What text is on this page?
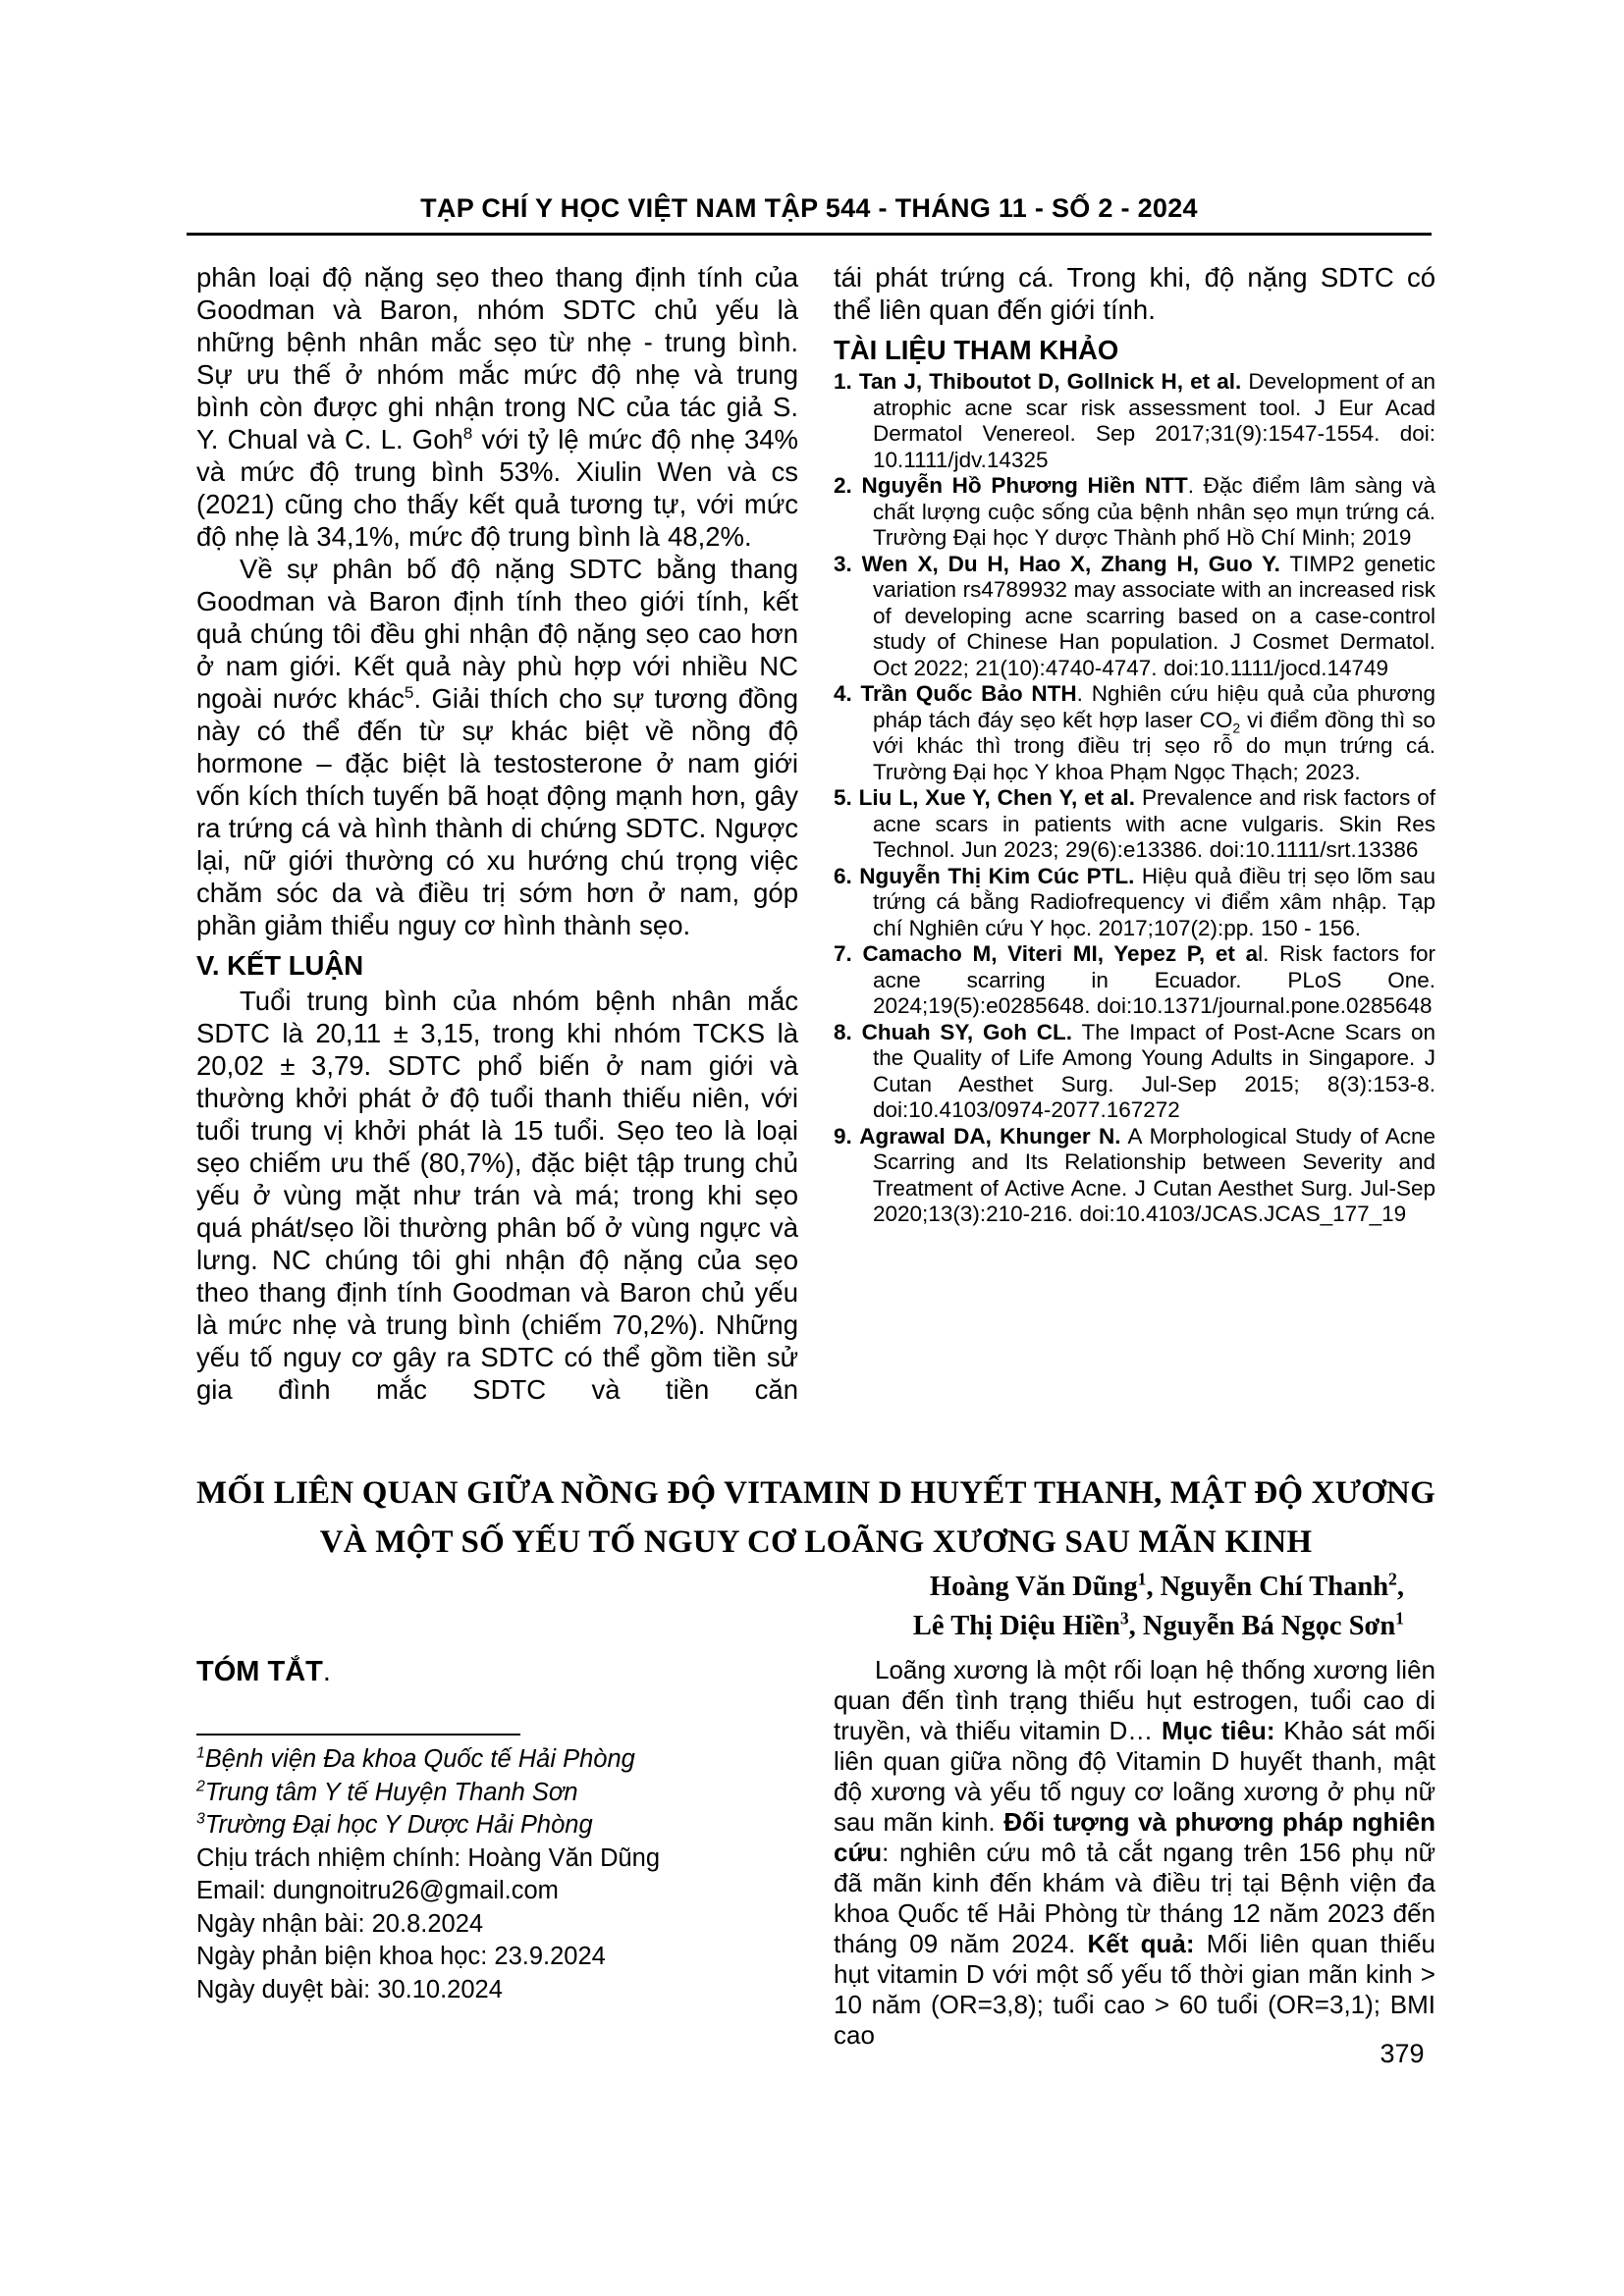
TẠP CHÍ Y HỌC VIỆT NAM TẬP 544 - THÁNG 11 - SỐ 2 - 2024

phân loại độ nặng sẹo theo thang định tính của Goodman và Baron, nhóm SDTC chủ yếu là những bệnh nhân mắc sẹo từ nhẹ - trung bình. Sự ưu thế ở nhóm mắc mức độ nhẹ và trung bình còn được ghi nhận trong NC của tác giả S. Y. Chual và C. L. Goh$^8$ với tỷ lệ mức độ nhẹ 34% và mức độ trung bình 53%. Xiulin Wen và cs (2021) cũng cho thấy kết quả tương tự, với mức độ nhẹ là 34,1%, mức độ trung bình là 48,2%.

Về sự phân bố độ nặng SDTC bằng thang Goodman và Baron định tính theo giới tính, kết quả chúng tôi đều ghi nhận độ nặng sẹo cao hơn ở nam giới. Kết quả này phù hợp với nhiều NC ngoài nước khác$^5$. Giải thích cho sự tương đồng này có thể đến từ sự khác biệt về nồng độ hormone – đặc biệt là testosterone ở nam giới vốn kích thích tuyến bã hoạt động mạnh hơn, gây ra trứng cá và hình thành di chứng SDTC. Ngược lại, nữ giới thường có xu hướng chú trọng việc chăm sóc da và điều trị sớm hơn ở nam, góp phần giảm thiểu nguy cơ hình thành sẹo.

V. KẾT LUẬN

Tuổi trung bình của nhóm bệnh nhân mắc SDTC là 20,11 ± 3,15, trong khi nhóm TCKS là 20,02 ± 3,79. SDTC phổ biến ở nam giới và thường khởi phát ở độ tuổi thanh thiếu niên, với tuổi trung vị khởi phát là 15 tuổi. Sẹo teo là loại sẹo chiếm ưu thế (80,7%), đặc biệt tập trung chủ yếu ở vùng mặt như trán và má; trong khi sẹo quá phát/sẹo lồi thường phân bố ở vùng ngực và lưng. NC chúng tôi ghi nhận độ nặng của sẹo theo thang định tính Goodman và Baron chủ yếu là mức nhẹ và trung bình (chiếm 70,2%). Những yếu tố nguy cơ gây ra SDTC có thể gồm tiền sử gia đình mắc SDTC và tiền căn

tái phát trứng cá. Trong khi, độ nặng SDTC có thể liên quan đến giới tính.

TÀI LIỆU THAM KHẢO

1. Tan J, Thiboutot D, Gollnick H, et al. Development of an atrophic acne scar risk assessment tool. J Eur Acad Dermatol Venereol. Sep 2017;31(9):1547-1554. doi: 10.1111/jdv.14325

2. Nguyễn Hồ Phương Hiền NTT. Đặc điểm lâm sàng và chất lượng cuộc sống của bệnh nhân sẹo mụn trứng cá. Trường Đại học Y dược Thành phố Hồ Chí Minh; 2019

3. Wen X, Du H, Hao X, Zhang H, Guo Y. TIMP2 genetic variation rs4789932 may associate with an increased risk of developing acne scarring based on a case-control study of Chinese Han population. J Cosmet Dermatol. Oct 2022; 21(10):4740-4747. doi:10.1111/jocd.14749

4. Trần Quốc Bảo NTH. Nghiên cứu hiệu quả của phương pháp tách đáy sẹo kết hợp laser $CO_2$ vi điểm đồng thì so với khác thì trong điều trị sẹo rỗ do mụn trứng cá. Trường Đại học Y khoa Phạm Ngọc Thạch; 2023.

5. Liu L, Xue Y, Chen Y, et al. Prevalence and risk factors of acne scars in patients with acne vulgaris. Skin Res Technol. Jun 2023; 29(6):e13386. doi:10.1111/srt.13386

6. Nguyễn Thị Kim Cúc PTL. Hiệu quả điều trị sẹo lõm sau trứng cá bằng Radiofrequency vi điểm xâm nhập. Tạp chí Nghiên cứu Y học. 2017;107(2):pp. 150 - 156.

7. Camacho M, Viteri MI, Yepez P, et al. Risk factors for acne scarring in Ecuador. PLoS One. 2024;19(5):e0285648. doi:10.1371/journal.pone.0285648

8. Chuah SY, Goh CL. The Impact of Post-Acne Scars on the Quality of Life Among Young Adults in Singapore. J Cutan Aesthet Surg. Jul-Sep 2015; 8(3):153-8. doi:10.4103/0974-2077.167272

9. Agrawal DA, Khunger N. A Morphological Study of Acne Scarring and Its Relationship between Severity and Treatment of Active Acne. J Cutan Aesthet Surg. Jul-Sep 2020;13(3):210-216. doi:10.4103/JCAS.JCAS_177_19

MỐI LIÊN QUAN GIỮA NỒNG ĐỘ VITAMIN D HUYẾT THANH, MẬT ĐỘ XƯƠNG VÀ MỘT SỐ YẾU TỐ NGUY CƠ LOÃNG XƯƠNG SAU MÃN KINH
Hoàng Văn Dũng$^1$, Nguyễn Chí Thanh$^2$,
Lê Thị Diệu Hiền$^3$, Nguyễn Bá Ngọc Sơn$^1$
TÓM TẮT.
$^1$Bệnh viện Đa khoa Quốc tế Hải Phòng
$^2$Trung tâm Y tế Huyện Thanh Sơn
$^3$Trường Đại học Y Dược Hải Phòng
Chịu trách nhiệm chính: Hoàng Văn Dũng
Email: dungnoitru26@gmail.com
Ngày nhận bài: 20.8.2024
Ngày phản biện khoa học: 23.9.2024
Ngày duyệt bài: 30.10.2024

Loãng xương là một rối loạn hệ thống xương liên quan đến tình trạng thiếu hụt estrogen, tuổi cao di truyền, và thiếu vitamin D… Mục tiêu: Khảo sát mối liên quan giữa nồng độ Vitamin D huyết thanh, mật độ xương và yếu tố nguy cơ loãng xương ở phụ nữ sau mãn kinh. Đối tượng và phương pháp nghiên cứu: nghiên cứu mô tả cắt ngang trên 156 phụ nữ đã mãn kinh đến khám và điều trị tại Bệnh viện đa khoa Quốc tế Hải Phòng từ tháng 12 năm 2023 đến tháng 09 năm 2024. Kết quả: Mối liên quan thiếu hụt vitamin D với một số yếu tố thời gian mãn kinh > 10 năm (OR=3,8); tuổi cao > 60 tuổi (OR=3,1); BMI cao

379
